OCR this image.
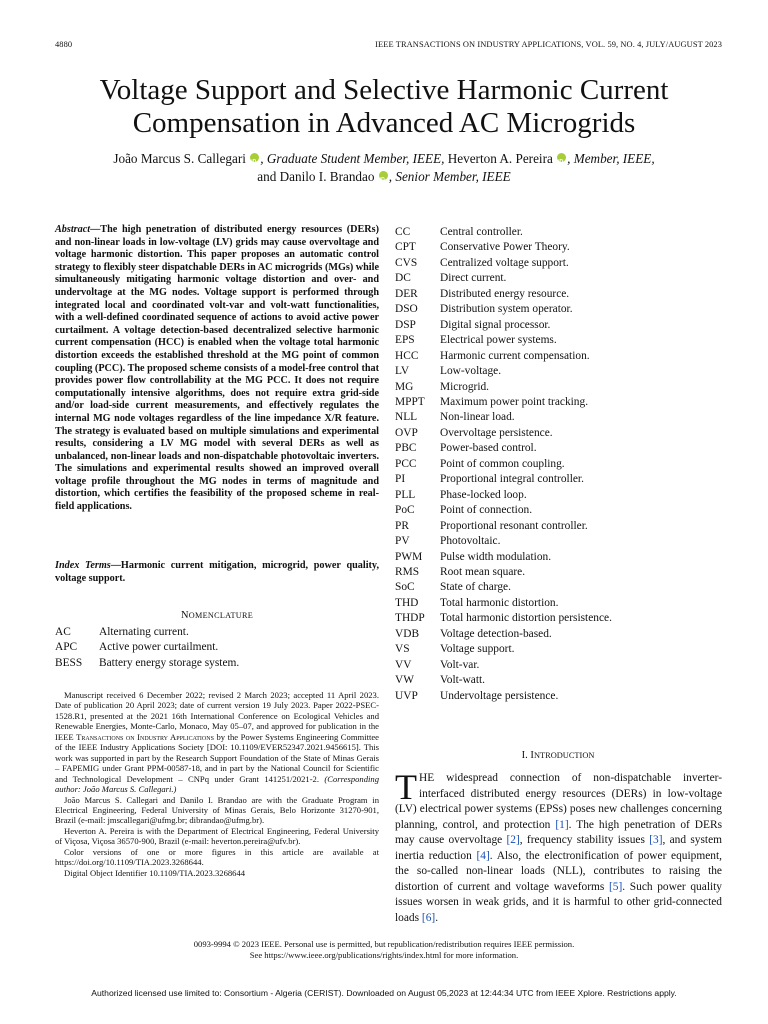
4880	IEEE TRANSACTIONS ON INDUSTRY APPLICATIONS, VOL. 59, NO. 4, JULY/AUGUST 2023
Voltage Support and Selective Harmonic Current
Compensation in Advanced AC Microgrids
João Marcus S. Callegari iD , Graduate Student Member, IEEE, Heverton A. Pereira iD , Member, IEEE,
and Danilo I. Brandao iD , Senior Member, IEEE
Abstract—The high penetration of distributed energy resources (DERs) and non-linear loads in low-voltage (LV) grids may cause overvoltage and voltage harmonic distortion. This paper proposes an automatic control strategy to flexibly steer dispatchable DERs in AC microgrids (MGs) while simultaneously mitigating harmonic voltage distortion and over- and undervoltage at the MG nodes. Voltage support is performed through integrated local and coordinated volt-var and volt-watt functionalities, with a well-defined coordinated sequence of actions to avoid active power curtailment. A voltage detection-based decentralized selective harmonic current compensation (HCC) is enabled when the voltage total harmonic distortion exceeds the established threshold at the MG point of common coupling (PCC). The proposed scheme consists of a model-free control that provides power flow controllability at the MG PCC. It does not require computationally intensive algorithms, does not require extra grid-side and/or load-side current measurements, and effectively regulates the internal MG node voltages regardless of the line impedance X/R feature. The strategy is evaluated based on multiple simulations and experimental results, considering a LV MG model with several DERs as well as unbalanced, non-linear loads and non-dispatchable photovoltaic inverters. The simulations and experimental results showed an improved overall voltage profile throughout the MG nodes in terms of magnitude and distortion, which certifies the feasibility of the proposed scheme in real-field applications.
Index Terms—Harmonic current mitigation, microgrid, power quality, voltage support.
NOMENCLATURE
AC	Alternating current.
APC	Active power curtailment.
BESS	Battery energy storage system.
CC	Central controller.
CPT	Conservative Power Theory.
CVS	Centralized voltage support.
DC	Direct current.
DER	Distributed energy resource.
DSO	Distribution system operator.
DSP	Digital signal processor.
EPS	Electrical power systems.
HCC	Harmonic current compensation.
LV	Low-voltage.
MG	Microgrid.
MPPT	Maximum power point tracking.
NLL	Non-linear load.
OVP	Overvoltage persistence.
PBC	Power-based control.
PCC	Point of common coupling.
PI	Proportional integral controller.
PLL	Phase-locked loop.
PoC	Point of connection.
PR	Proportional resonant controller.
PV	Photovoltaic.
PWM	Pulse width modulation.
RMS	Root mean square.
SoC	State of charge.
THD	Total harmonic distortion.
THDP	Total harmonic distortion persistence.
VDB	Voltage detection-based.
VS	Voltage support.
VV	Volt-var.
VW	Volt-watt.
UVP	Undervoltage persistence.

Manuscript received 6 December 2022; revised 2 March 2023; accepted 11 April 2023. Date of publication 20 April 2023; date of current version 19 July 2023. Paper 2022-PSEC-1528.R1, presented at the 2021 16th International Conference on Ecological Vehicles and Renewable Energies, Monte-Carlo, Monaco, May 05–07, and approved for publication in the IEEE Transactions on Industry Applications by the Power Systems Engineering Committee of the IEEE Industry Applications Society [DOI: 10.1109/EVER52347.2021.9456615]. This work was supported in part by the Research Support Foundation of the State of Minas Gerais – FAPEMIG under Grant PPM-00587-18, and in part by the National Council for Scientific and Technological Development – CNPq under Grant 141251/2021-2. (Corresponding author: João Marcus S. Callegari.)

João Marcus S. Callegari and Danilo I. Brandao are with the Graduate Program in Electrical Engineering, Federal University of Minas Gerais, Belo Horizonte 31270-901, Brazil (e-mail: jmscallegari@ufmg.br; dibrandao@ufmg.br).

Heverton A. Pereira is with the Department of Electrical Engineering, Federal University of Viçosa, Viçosa 36570-900, Brazil (e-mail: heverton.pereira@ufv.br).

Color versions of one or more figures in this article are available at https://doi.org/10.1109/TIA.2023.3268644.

Digital Object Identifier 10.1109/TIA.2023.3268644

I. INTRODUCTION
THE widespread connection of non-dispatchable inverter-interfaced distributed energy resources (DERs) in low-voltage (LV) electrical power systems (EPSs) poses new challenges concerning planning, control, and protection [1]. The high penetration of DERs may cause overvoltage [2], frequency stability issues [3], and system inertia reduction [4]. Also, the electronification of power equipment, the so-called non-linear loads (NLL), contributes to raising the distortion of current and voltage waveforms [5]. Such power quality issues worsen in weak grids, and it is harmful to other grid-connected loads [6].
0093-9994 © 2023 IEEE. Personal use is permitted, but republication/redistribution requires IEEE permission.
See https://www.ieee.org/publications/rights/index.html for more information.
Authorized licensed use limited to: Consortium - Algeria (CERIST). Downloaded on August 05,2023 at 12:44:34 UTC from IEEE Xplore. Restrictions apply.
